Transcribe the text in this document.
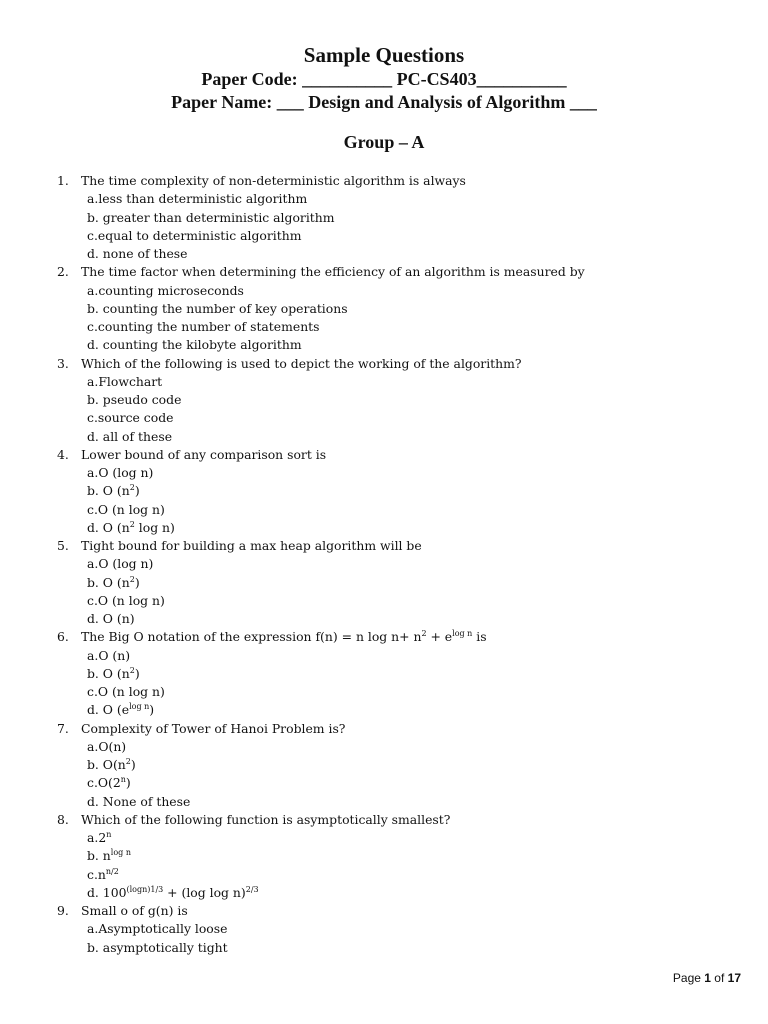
Sample Questions
Paper Code: __________ PC-CS403__________
Paper Name: ___ Design and Analysis of Algorithm ___
Group – A
1. The time complexity of non-deterministic algorithm is always
a.less than deterministic algorithm
b. greater than deterministic algorithm
c.equal to deterministic algorithm
d. none of these
2. The time factor when determining the efficiency of an algorithm is measured by
a.counting microseconds
b. counting the number of key operations
c.counting the number of statements
d. counting the kilobyte algorithm
3. Which of the following is used to depict the working of the algorithm?
a.Flowchart
b. pseudo code
c.source code
d. all of these
4. Lower bound of any comparison sort is
a.O (log n)
b. O $(n^2)$
c.O (n log n)
d. O ($n^2$ log n)
5. Tight bound for building a max heap algorithm will be
a.O (log n)
b. O $(n^2)$
c.O (n log n)
d. O (n)
6. The Big O notation of the expression f(n) = n $\log n+ n^2 + e^{log n}$ is
a.O (n)
b. O $(n^2)$
c.O (n log n)
d. O $(e^{log n})$
7. Complexity of Tower of Hanoi Problem is?
a.O(n)
b. $O(n^2)$
c.O(2$^n$)
d. None of these
8. Which of the following function is asymptotically smallest?
a.2$^n$
b. $n^{log n}$
$c.n^{n/2}$
d. $100^{(logn)1/3} + (\log$ log n)$^{2/3}$
9. Small o of g(n) is
a.Asymptotically loose
b. asymptotically tight
Page 1 of 17
